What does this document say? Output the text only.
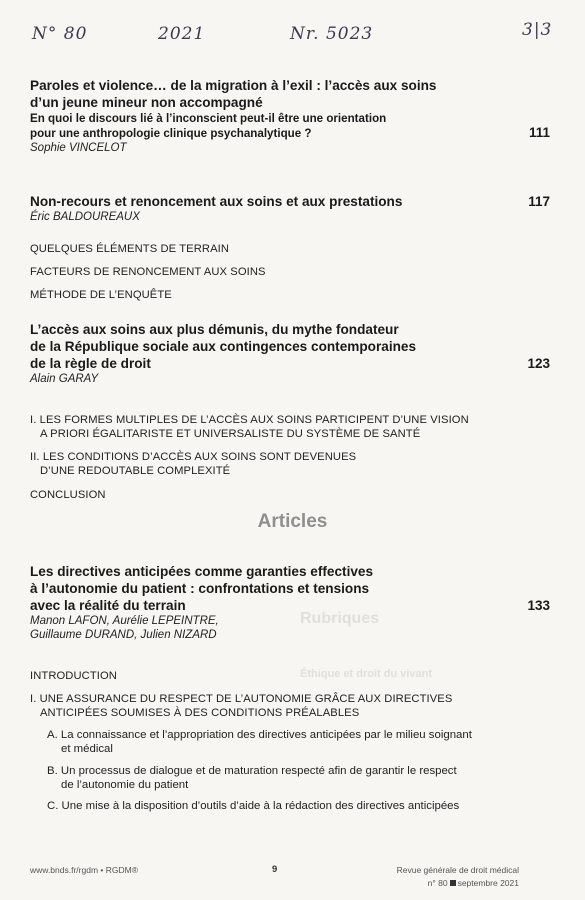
N° 80	2021	Nr. 5023	3|3
Rubriques
Éthique et droit du vivant
Paroles et violence… de la migration à l’exil : l’accès aux soins
d’un jeune mineur non accompagné
En quoi le discours lié à l’inconscient peut-il être une orientation
pour une anthropologie clinique psychanalytique ?	111
Sophie VINCELOT
Non-recours et renoncement aux soins et aux prestations	117
Éric BALDOUREAUX
QUELQUES ÉLÉMENTS DE TERRAIN
FACTEURS DE RENONCEMENT AUX SOINS
MÉTHODE DE L’ENQUÊTE
L’accès aux soins aux plus démunis, du mythe fondateur
de la République sociale aux contingences contemporaines
de la règle de droit	123
Alain GARAY
I. LES FORMES MULTIPLES DE L’ACCÈS AUX SOINS PARTICIPENT D’UNE VISION
A PRIORI ÉGALITARISTE ET UNIVERSALISTE DU SYSTÈME DE SANTÉ
II. LES CONDITIONS D’ACCÈS AUX SOINS SONT DEVENUES
D’UNE REDOUTABLE COMPLEXITÉ
CONCLUSION
Articles
Les directives anticipées comme garanties effectives
à l’autonomie du patient : confrontations et tensions
avec la réalité du terrain	133
Manon LAFON, Aurélie LEPEINTRE,
Guillaume DURAND, Julien NIZARD
INTRODUCTION
I. UNE ASSURANCE DU RESPECT DE L’AUTONOMIE GRÂCE AUX DIRECTIVES
ANTICIPÉES SOUMISES À DES CONDITIONS PRÉALABLES
A. La connaissance et l’appropriation des directives anticipées par le milieu soignant
et médical
B. Un processus de dialogue et de maturation respecté afin de garantir le respect
de l’autonomie du patient
C. Une mise à la disposition d’outils d’aide à la rédaction des directives anticipées
www.bnds.fr/rgdm • RGDM®	9	Revue générale de droit médical
n° 80 septembre 2021
